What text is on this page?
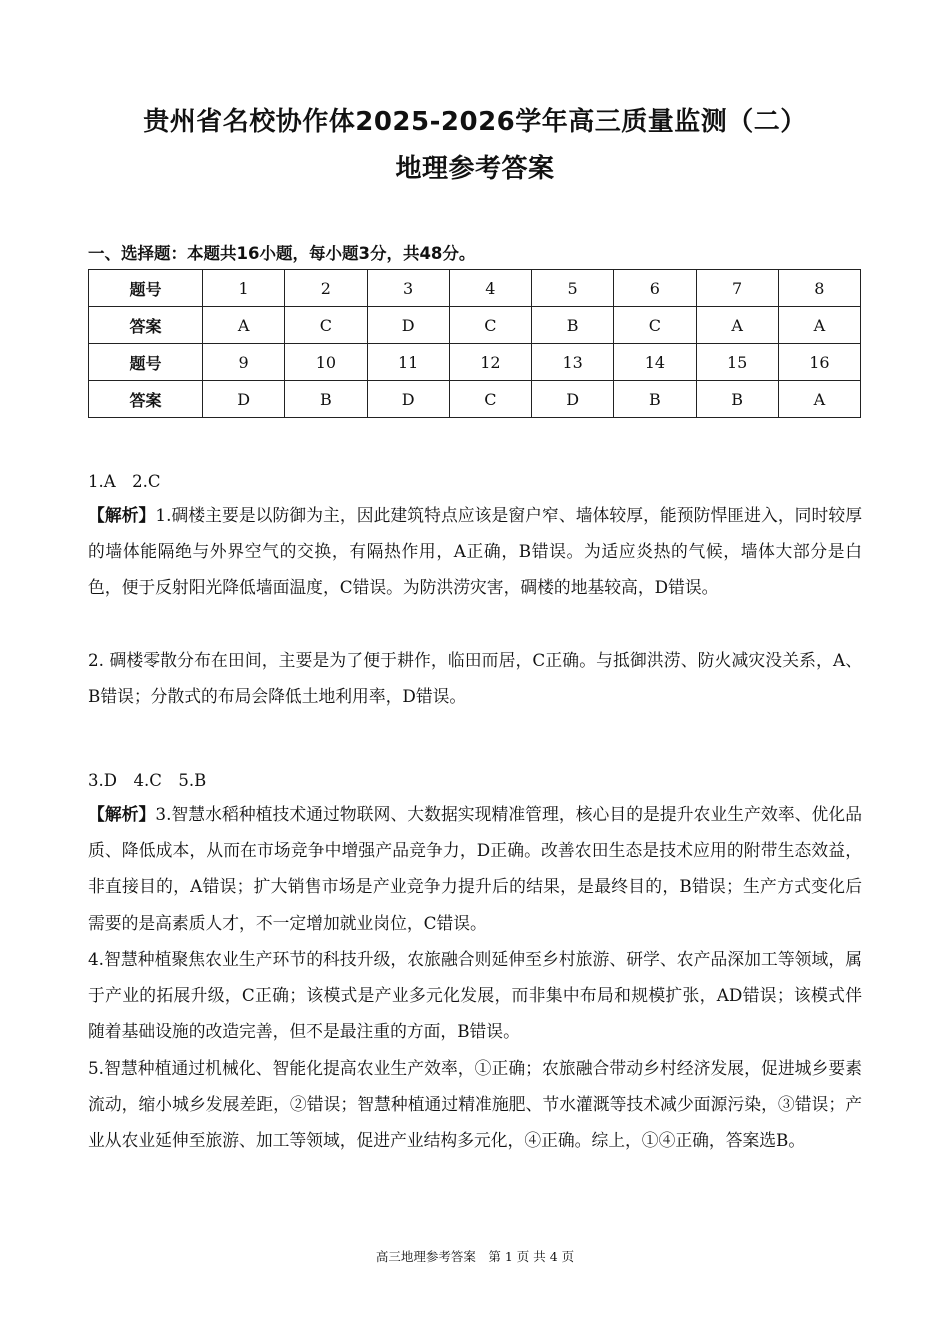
贵州省名校协作体2025-2026学年高三质量监测（二）
地理参考答案
一、选择题：本题共16小题，每小题3分，共48分。
题号	1	2	3	4	5	6	7	8
答案	A	C	D	C	B	C	A	A
题号	9	10	11	12	13	14	15	16
答案	D	B	D	C	D	B	B	A
1.A　2.C

【解析】1.碉楼主要是以防御为主，因此建筑特点应该是窗户窄、墙体较厚，能预防悍匪进入，同时较厚的墙体能隔绝与外界空气的交换，有隔热作用，A正确，B错误。为适应炎热的气候，墙体大部分是白色，便于反射阳光降低墙面温度，C错误。为防洪涝灾害，碉楼的地基较高，D错误。

2. 碉楼零散分布在田间，主要是为了便于耕作，临田而居，C正确。与抵御洪涝、防火减灾没关系，A、B错误；分散式的布局会降低土地利用率，D错误。

3.D　4.C　5.B

【解析】3.智慧水稻种植技术通过物联网、大数据实现精准管理，核心目的是提升农业生产效率、优化品质、降低成本，从而在市场竞争中增强产品竞争力，D正确。改善农田生态是技术应用的附带生态效益，非直接目的，A错误；扩大销售市场是产业竞争力提升后的结果，是最终目的，B错误；生产方式变化后需要的是高素质人才，不一定增加就业岗位，C错误。

4.智慧种植聚焦农业生产环节的科技升级，农旅融合则延伸至乡村旅游、研学、农产品深加工等领域，属于产业的拓展升级，C正确；该模式是产业多元化发展，而非集中布局和规模扩张，AD错误；该模式伴随着基础设施的改造完善，但不是最注重的方面，B错误。

5.智慧种植通过机械化、智能化提高农业生产效率，①正确；农旅融合带动乡村经济发展，促进城乡要素流动，缩小城乡发展差距，②错误；智慧种植通过精准施肥、节水灌溉等技术减少面源污染，③错误；产业从农业延伸至旅游、加工等领域，促进产业结构多元化，④正确。综上，①④正确，答案选B。

高三地理参考答案　第 1 页 共 4 页
